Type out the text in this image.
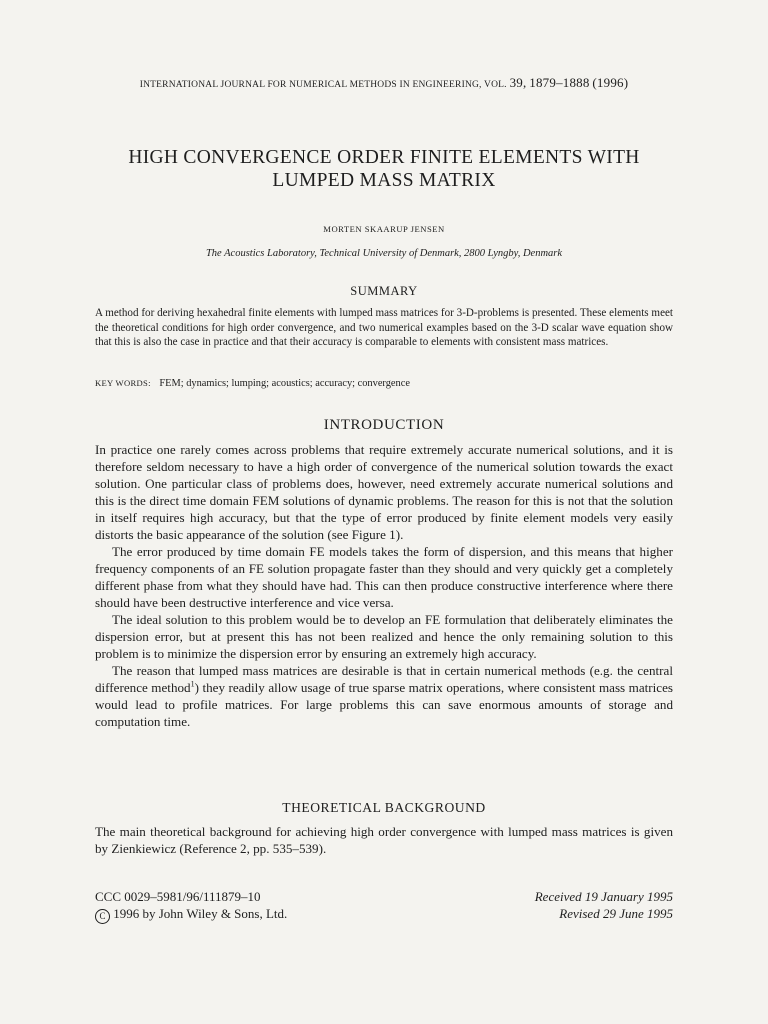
INTERNATIONAL JOURNAL FOR NUMERICAL METHODS IN ENGINEERING, VOL. 39, 1879–1888 (1996)
HIGH CONVERGENCE ORDER FINITE ELEMENTS WITH
LUMPED MASS MATRIX
MORTEN SKAARUP JENSEN
The Acoustics Laboratory, Technical University of Denmark, 2800 Lyngby, Denmark
SUMMARY
A method for deriving hexahedral finite elements with lumped mass matrices for 3-D-problems is presented. These elements meet the theoretical conditions for high order convergence, and two numerical examples based on the 3-D scalar wave equation show that this is also the case in practice and that their accuracy is comparable to elements with consistent mass matrices.
KEY WORDS: FEM; dynamics; lumping; acoustics; accuracy; convergence
INTRODUCTION

In practice one rarely comes across problems that require extremely accurate numerical solutions, and it is therefore seldom necessary to have a high order of convergence of the numerical solution towards the exact solution. One particular class of problems does, however, need extremely accurate numerical solutions and this is the direct time domain FEM solutions of dynamic problems. The reason for this is not that the solution in itself requires high accuracy, but that the type of error produced by finite element models very easily distorts the basic appearance of the solution (see Figure 1).

The error produced by time domain FE models takes the form of dispersion, and this means that higher frequency components of an FE solution propagate faster than they should and very quickly get a completely different phase from what they should have had. This can then produce constructive interference where there should have been destructive interference and vice versa.

The ideal solution to this problem would be to develop an FE formulation that deliberately eliminates the dispersion error, but at present this has not been realized and hence the only remaining solution to this problem is to minimize the dispersion error by ensuring an extremely high accuracy.

The reason that lumped mass matrices are desirable is that in certain numerical methods (e.g. the central difference method$^1$) they readily allow usage of true sparse matrix operations, where consistent mass matrices would lead to profile matrices. For large problems this can save enormous amounts of storage and computation time.

THEORETICAL BACKGROUND
The main theoretical background for achieving high order convergence with lumped mass matrices is given by Zienkiewicz (Reference 2, pp. 535–539).
CCC 0029–5981/96/111879–10
C 1996 by John Wiley & Sons, Ltd.
Received 19 January 1995
Revised 29 June 1995
